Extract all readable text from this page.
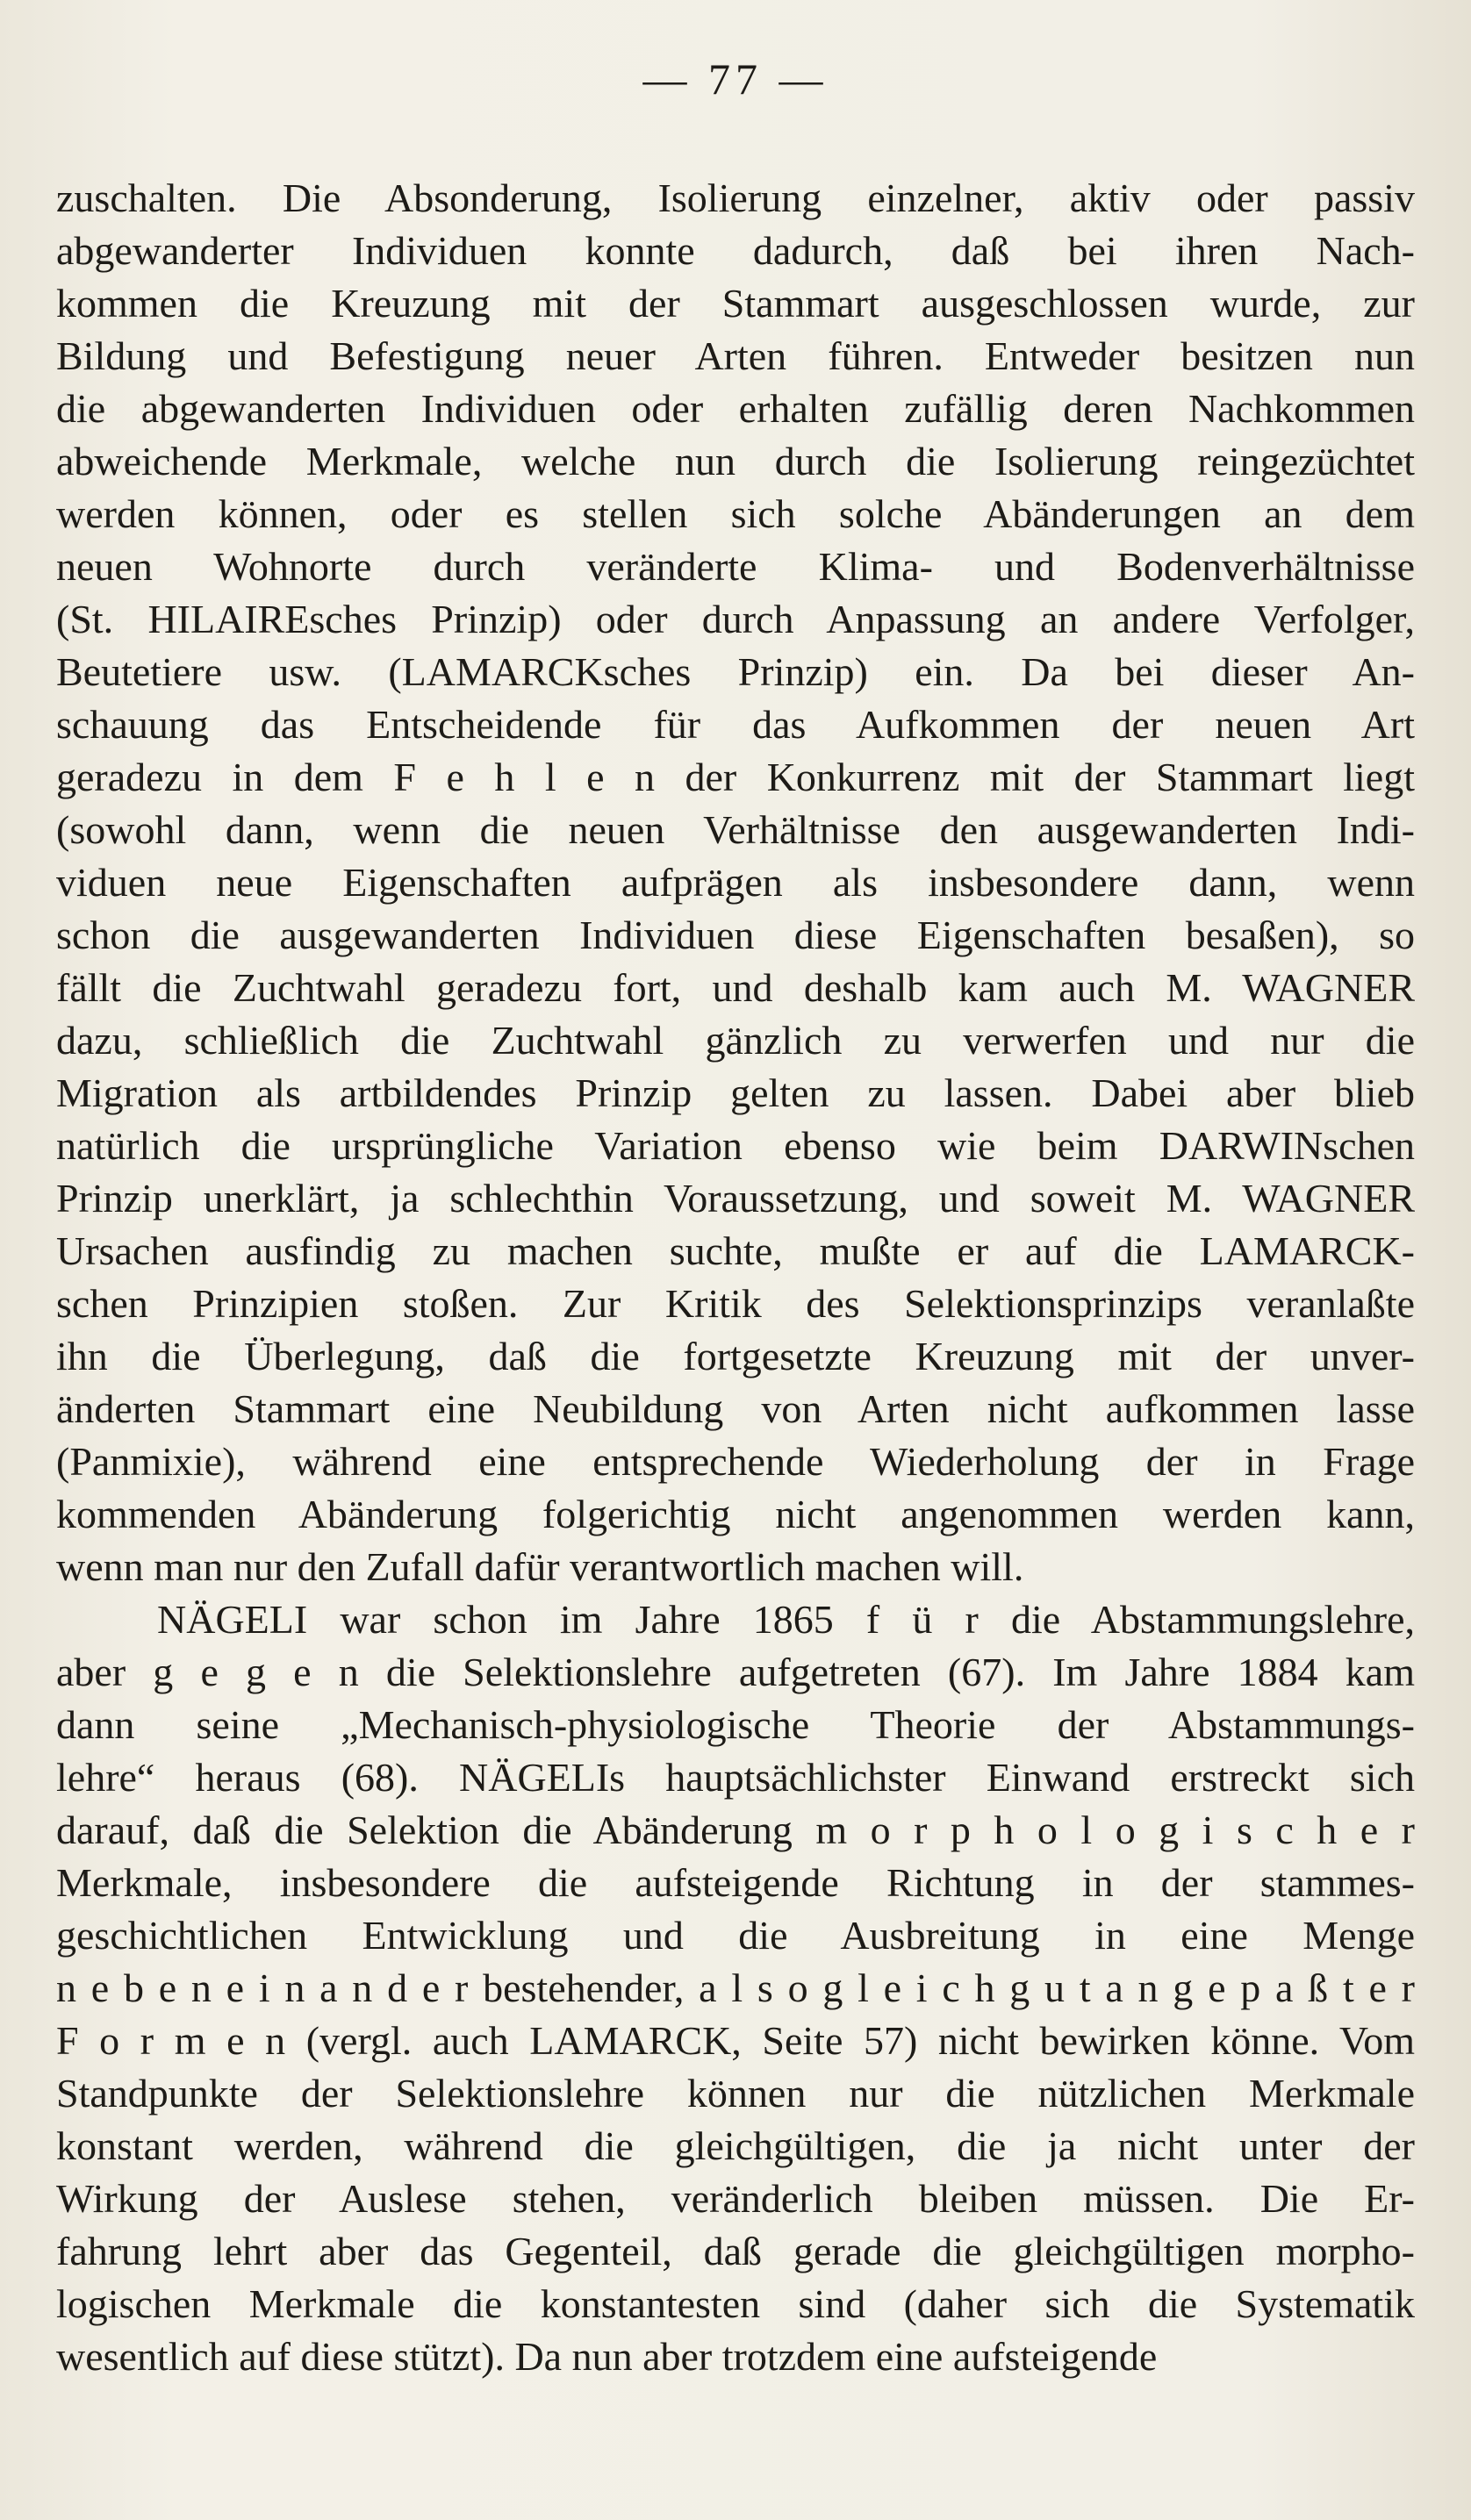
— 77 —
zuschalten. Die Absonderung, Isolierung einzelner, aktiv oder passiv
abgewanderter Individuen konnte dadurch, daß bei ihren Nach-
kommen die Kreuzung mit der Stammart ausgeschlossen wurde, zur
Bildung und Befestigung neuer Arten führen. Entweder besitzen nun
die abgewanderten Individuen oder erhalten zufällig deren Nachkommen
abweichende Merkmale, welche nun durch die Isolierung reingezüchtet
werden können, oder es stellen sich solche Abänderungen an dem
neuen Wohnorte durch veränderte Klima- und Bodenverhältnisse
(St. HILAIREsches Prinzip) oder durch Anpassung an andere Verfolger,
Beutetiere usw. (LAMARCKsches Prinzip) ein. Da bei dieser An-
schauung das Entscheidende für das Aufkommen der neuen Art
geradezu in dem F e h l e n der Konkurrenz mit der Stammart liegt
(sowohl dann, wenn die neuen Verhältnisse den ausgewanderten Indi-
viduen neue Eigenschaften aufprägen als insbesondere dann, wenn
schon die ausgewanderten Individuen diese Eigenschaften besaßen), so
fällt die Zuchtwahl geradezu fort, und deshalb kam auch M. WAGNER
dazu, schließlich die Zuchtwahl gänzlich zu verwerfen und nur die
Migration als artbildendes Prinzip gelten zu lassen. Dabei aber blieb
natürlich die ursprüngliche Variation ebenso wie beim DARWINschen
Prinzip unerklärt, ja schlechthin Voraussetzung, und soweit M. WAGNER
Ursachen ausfindig zu machen suchte, mußte er auf die LAMARCK-
schen Prinzipien stoßen. Zur Kritik des Selektionsprinzips veranlaßte
ihn die Überlegung, daß die fortgesetzte Kreuzung mit der unver-
änderten Stammart eine Neubildung von Arten nicht aufkommen lasse
(Panmixie), während eine entsprechende Wiederholung der in Frage
kommenden Abänderung folgerichtig nicht angenommen werden kann,
wenn man nur den Zufall dafür verantwortlich machen will.
NÄGELI war schon im Jahre 1865 f ü r die Abstammungslehre,
aber g e g e n die Selektionslehre aufgetreten (67). Im Jahre 1884 kam
dann seine „Mechanisch-physiologische Theorie der Abstammungs-
lehre“ heraus (68). NÄGELIs hauptsächlichster Einwand erstreckt sich
darauf, daß die Selektion die Abänderung m o r p h o l o g i s c h e r
Merkmale, insbesondere die aufsteigende Richtung in der stammes-
geschichtlichen Entwicklung und die Ausbreitung in eine Menge
n e b e n e i n a n d e r bestehender, a l s o g l e i c h g u t a n g e p a ß t e r
F o r m e n (vergl. auch LAMARCK, Seite 57) nicht bewirken könne. Vom
Standpunkte der Selektionslehre können nur die nützlichen Merkmale
konstant werden, während die gleichgültigen, die ja nicht unter der
Wirkung der Auslese stehen, veränderlich bleiben müssen. Die Er-
fahrung lehrt aber das Gegenteil, daß gerade die gleichgültigen morpho-
logischen Merkmale die konstantesten sind (daher sich die Systematik
wesentlich auf diese stützt). Da nun aber trotzdem eine aufsteigende
